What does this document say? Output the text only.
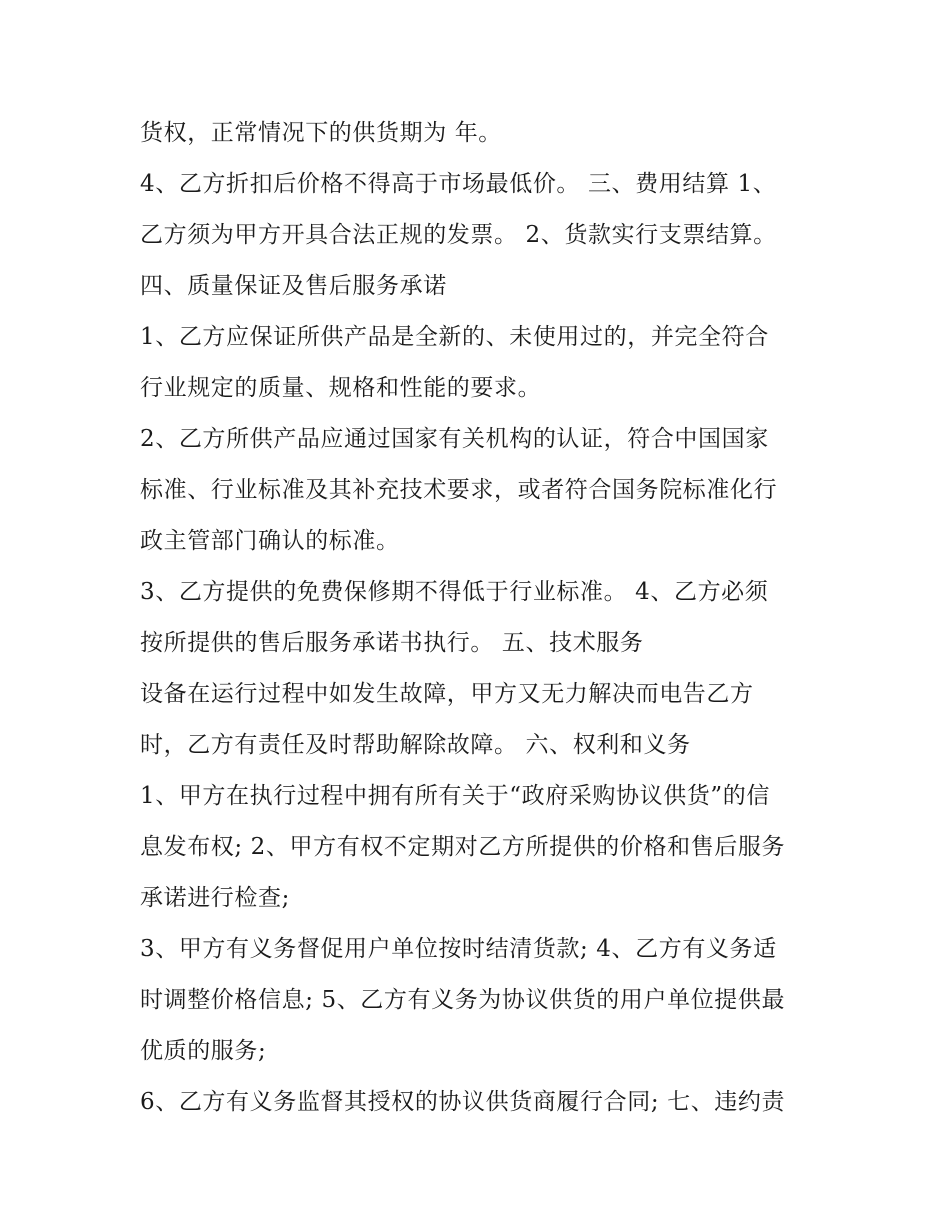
货权，正常情况下的供货期为 年。
4、乙方折扣后价格不得高于市场最低价。 三、费用结算 1、
乙方须为甲方开具合法正规的发票。 2、货款实行支票结算。
四、质量保证及售后服务承诺
1、乙方应保证所供产品是全新的、未使用过的，并完全符合
行业规定的质量、规格和性能的要求。
2、乙方所供产品应通过国家有关机构的认证，符合中国国家
标准、行业标准及其补充技术要求，或者符合国务院标准化行
政主管部门确认的标准。
3、乙方提供的免费保修期不得低于行业标准。 4、乙方必须
按所提供的售后服务承诺书执行。 五、技术服务
设备在运行过程中如发生故障，甲方又无力解决而电告乙方
时，乙方有责任及时帮助解除故障。 六、权利和义务
1、甲方在执行过程中拥有所有关于“政府采购协议供货”的信
息发布权; 2、甲方有权不定期对乙方所提供的价格和售后服务
承诺进行检查;
3、甲方有义务督促用户单位按时结清货款; 4、乙方有义务适
时调整价格信息; 5、乙方有义务为协议供货的用户单位提供最
优质的服务;
6、乙方有义务监督其授权的协议供货商履行合同; 七、违约责
